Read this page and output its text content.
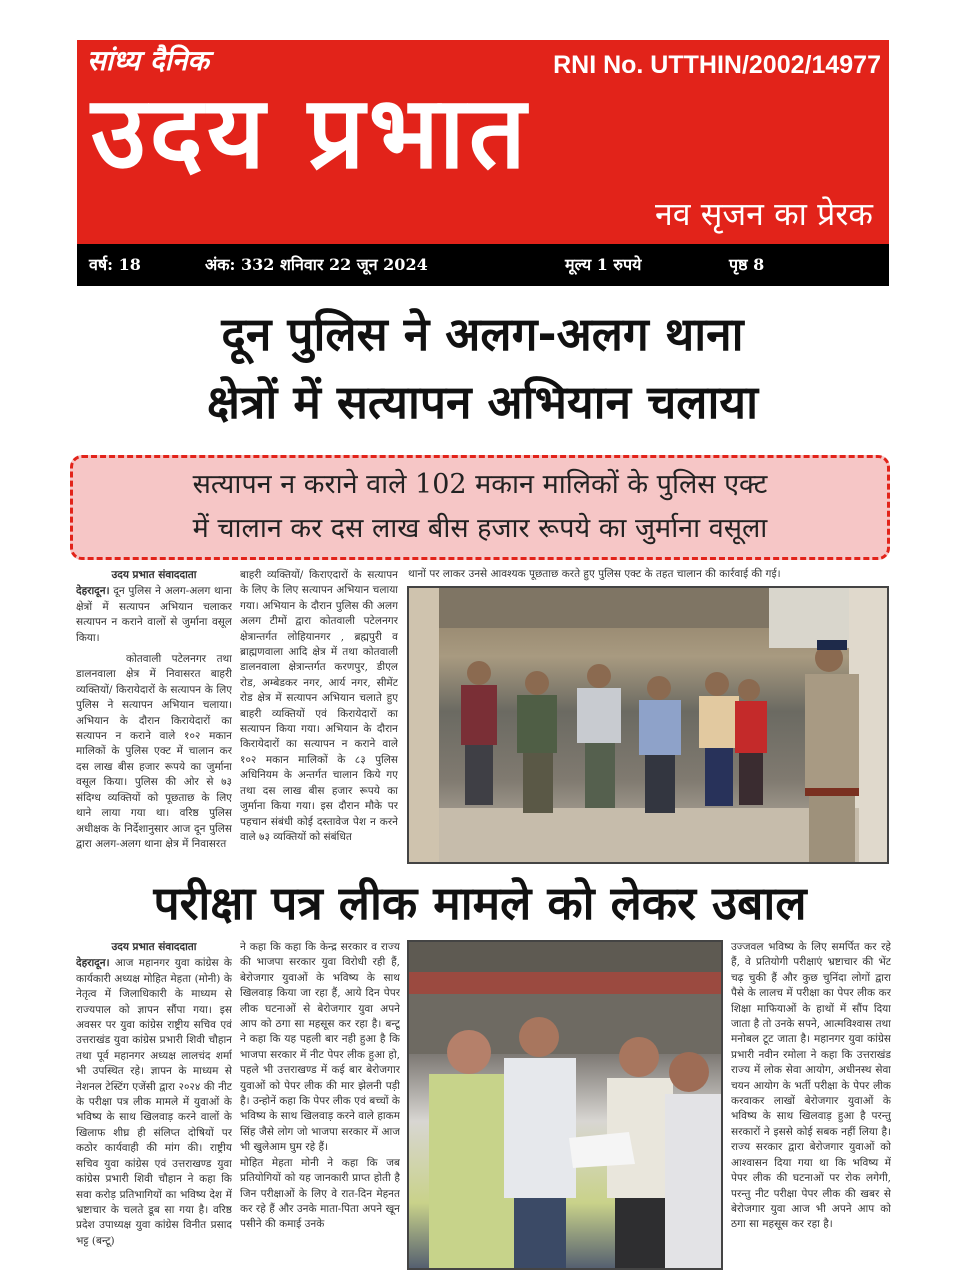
सांध्य दैनिक	RNI No. UTTHIN/2002/14977
उदय प्रभात
नव सृजन का प्रेरक
वर्ष: 18	अंक: 332 शनिवार 22 जून 2024	मूल्य 1 रुपये	पृष्ठ 8
दून पुलिस ने अलग-अलग थाना
क्षेत्रों में सत्यापन अभियान चलाया
सत्यापन न कराने वाले 102 मकान मालिकों के पुलिस एक्ट
में चालान कर दस लाख बीस हजार रूपये का जुर्माना वसूला
उदय प्रभात संवाददाता
देहरादून। दून पुलिस ने अलग-अलग थाना क्षेत्रों में सत्यापन अभियान चलाकर सत्यापन न कराने वालों से जुर्माना वसूल किया।
कोतवाली पटेलनगर तथा डालनवाला क्षेत्र में निवासरत बाहरी व्यक्तियों/ किरायेदारों के सत्यापन के लिए पुलिस ने सत्यापन अभियान चलाया। अभियान के दौरान किरायेदारों का सत्यापन न कराने वाले १०२ मकान मालिकों के पुलिस एक्ट में चालान कर दस लाख बीस हजार रूपये का जुर्माना वसूल किया। पुलिस की ओर से ७३ संदिग्ध व्यक्तियों को पूछताछ के लिए थाने लाया गया था। वरिष्ठ पुलिस अधीक्षक के निर्देशानुसार आज दून पुलिस द्वारा अलग-अलग थाना क्षेत्र में निवासरत
बाहरी व्यक्तियों/ किराएदारों के सत्यापन के लिए के लिए सत्यापन अभियान चलाया गया। अभियान के दौरान पुलिस की अलग अलग टीमों द्वारा कोतवाली पटेलनगर क्षेत्रान्तर्गत लोहियानगर , ब्रह्मपुरी व ब्राह्मणवाला आदि क्षेत्र में तथा कोतवाली डालनवाला क्षेत्रान्तर्गत करणपुर, डीएल रोड, अम्बेडकर नगर, आर्य नगर, सीमेंट रोड क्षेत्र में सत्यापन अभियान चलाते हुए बाहरी व्यक्तियों एवं किरायेदारों का सत्यापन किया गया। अभियान के दौरान किरायेदारों का सत्यापन न कराने वाले १०२ मकान मालिकों के ८३ पुलिस अधिनियम के अन्तर्गत चालान किये गए तथा दस लाख बीस हजार रूपये का जुर्माना किया गया। इस दौरान मौके पर पहचान संबंधी कोई दस्तावेज पेश न करने वाले ७३ व्यक्तियों को संबंधित
थानों पर लाकर उनसे आवश्यक पूछताछ करते हुए पुलिस एक्ट के तहत चालान की कार्रवाई की गई।
परीक्षा पत्र लीक मामले को लेकर उबाल
उदय प्रभात संवाददाता
देहरादून। आज महानगर युवा कांग्रेस के कार्यकारी अध्यक्ष मोहित मेहता (मोनी) के नेतृत्व में जिलाधिकारी के माध्यम से राज्यपाल को ज्ञापन सौंपा गया। इस अवसर पर युवा कांग्रेस राष्ट्रीय सचिव एवं उत्तराखंड युवा कांग्रेस प्रभारी शिवी चौहान तथा पूर्व महानगर अध्यक्ष लालचंद शर्मा भी उपस्थित रहे। ज्ञापन के माध्यम से नेशनल टेस्टिंग एजेंसी द्वारा २०२४ की नीट के परीक्षा पत्र लीक मामले में युवाओं के भविष्य के साथ खिलवाड़ करने वालों के खिलाफ शीघ्र ही संलिप्त दोषियों पर कठोर कार्यवाही की मांग की। राष्ट्रीय सचिव युवा कांग्रेस एवं उत्तराखण्ड युवा कांग्रेस प्रभारी शिवी चौहान ने कहा कि सवा करोड़ प्रतिभागियों का भविष्य देश में भ्रष्टाचार के चलते डूब सा गया है। वरिष्ठ प्रदेश उपाध्यक्ष युवा कांग्रेस विनीत प्रसाद भट्ट (बन्टू)
ने कहा कि कहा कि केन्द्र सरकार व राज्य की भाजपा सरकार युवा विरोधी रही हैं, बेरोजगार युवाओं के भविष्य के साथ खिलवाड़ किया जा रहा हैं, आये दिन पेपर लीक घटनाओं से बेरोजगार युवा अपने आप को ठगा सा महसूस कर रहा है। बन्टू ने कहा कि यह पहली बार नही हुआ है कि भाजपा सरकार में नीट पेपर लीक हुआ हो, पहले भी उत्तराखण्ड में कई बार बेरोजगार युवाओं को पेपर लीक की मार झेलनी पड़ी है। उन्होनें कहा कि पेपर लीक एवं बच्चों के भविष्य के साथ खिलवाड़ करने वाले हाकम सिंह जैसे लोग जो भाजपा सरकार में आज भी खुलेआम घुम रहे हैं।
मोहित मेहता मोनी ने कहा कि जब प्रतियोगियों को यह जानकारी प्राप्त होती है जिन परीक्षाओं के लिए वे रात-दिन मेहनत कर रहे हैं और उनके माता-पिता अपने खून पसीने की कमाई उनके
उज्जवल भविष्य के लिए समर्पित कर रहे हैं, वे प्रतियोगी परीक्षाएं भ्रष्टाचार की भेंट चढ़ चुकी हैं और कुछ चुनिंदा लोगों द्वारा पैसे के लालच में परीक्षा का पेपर लीक कर शिक्षा माफियाओं के हाथों में सौंप दिया जाता है तो उनके सपने, आत्मविश्वास तथा मनोबल टूट जाता है। महानगर युवा कांग्रेस प्रभारी नवीन रमोला ने कहा कि उत्तराखंड राज्य में लोक सेवा आयोग, अधीनस्थ सेवा चयन आयोग के भर्ती परीक्षा के पेपर लीक करवाकर लाखों बेरोजगार युवाओं के भविष्य के साथ खिलवाड़ हुआ है परन्तु सरकारों ने इससे कोई सबक नहीं लिया है। राज्य सरकार द्वारा बेरोजगार युवाओं को आश्वासन दिया गया था कि भविष्य में पेपर लीक की घटनाओं पर रोक लगेगी, परन्तु नीट परीक्षा पेपर लीक की खबर से बेरोजगार युवा आज भी अपने आप को ठगा सा महसूस कर रहा है।
